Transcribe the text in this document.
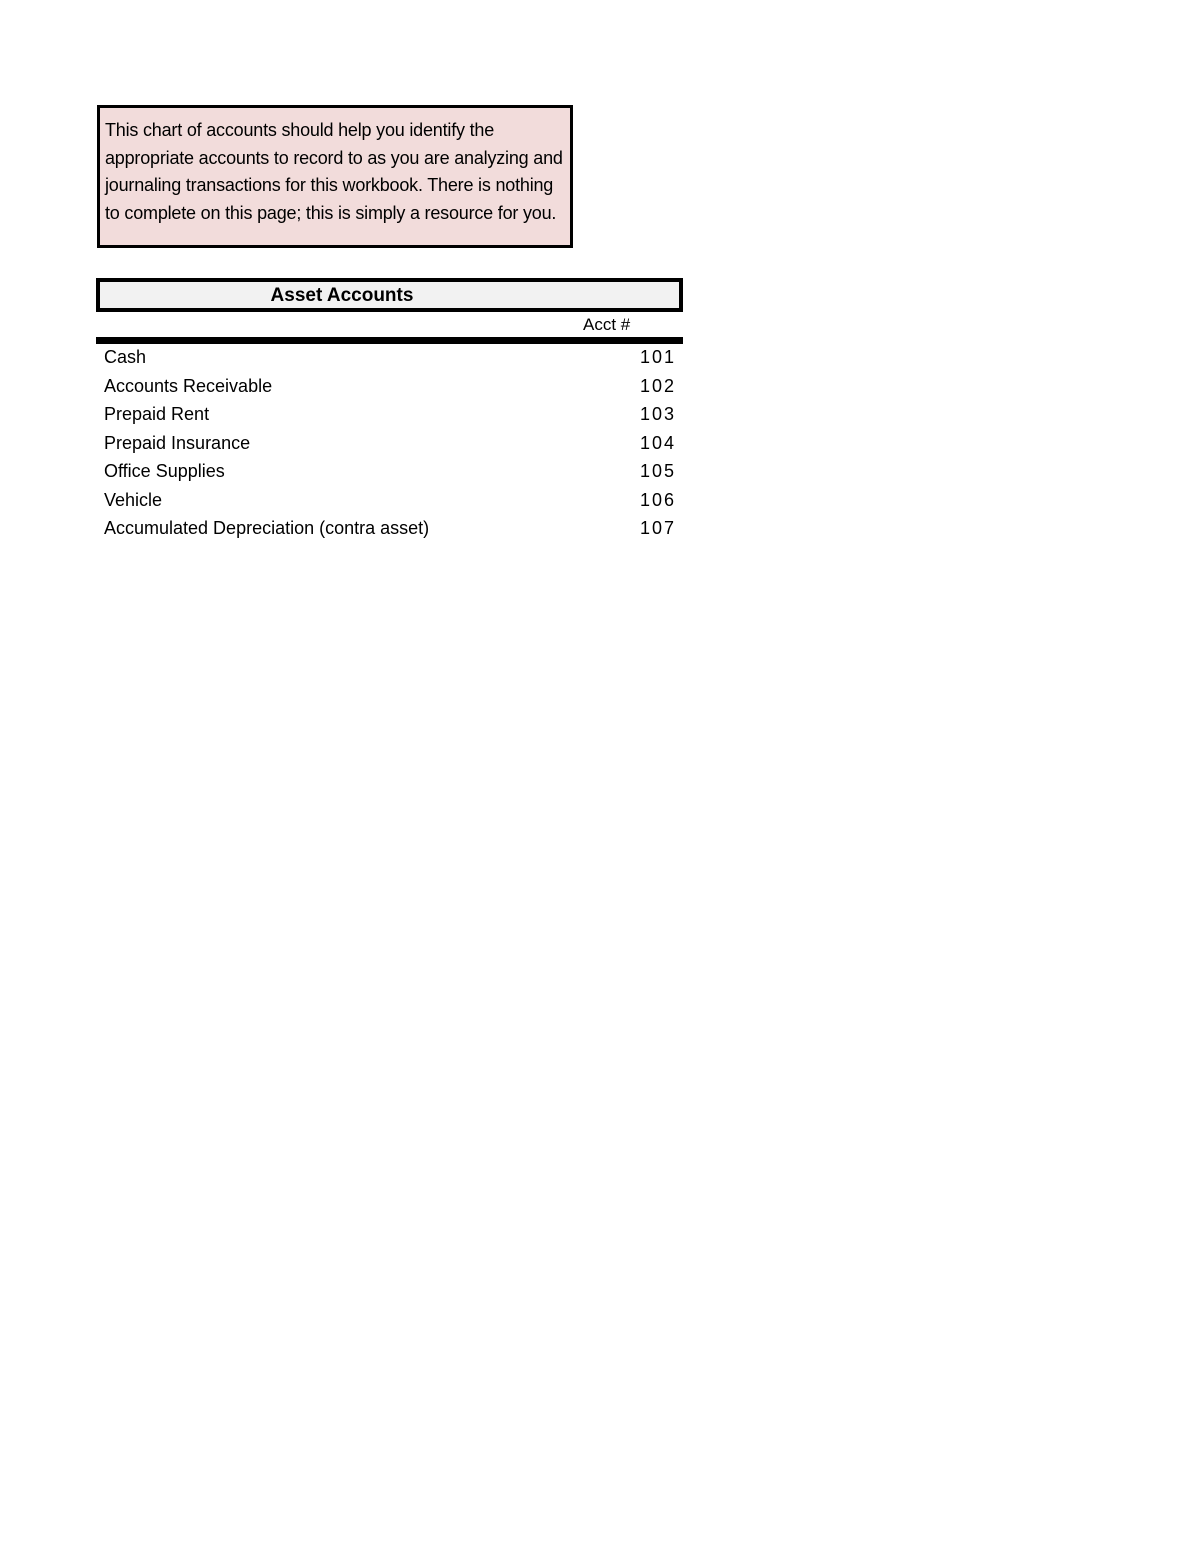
This chart of accounts should help you identify the appropriate accounts to record to as you are analyzing and journaling transactions for this workbook. There is nothing to complete on this page; this is simply a resource for you.
Asset Accounts
Acct #
Cash	101
Accounts Receivable	102
Prepaid Rent	103
Prepaid Insurance	104
Office Supplies	105
Vehicle	106
Accumulated Depreciation (contra asset)	107
